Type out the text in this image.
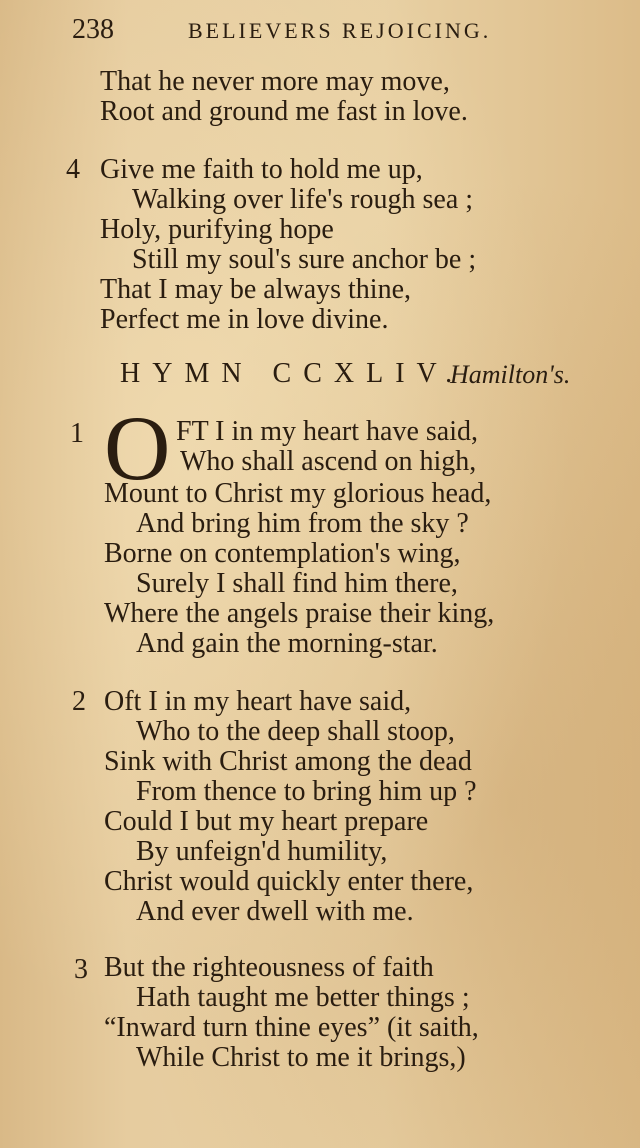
238	BELIEVERS REJOICING.
That he never more may move,
Root and ground me fast in love.
4 Give me faith to hold me up,
Walking over life's rough sea ;
Holy, purifying hope
Still my soul's sure anchor be ;
That I may be always thine,
Perfect me in love divine.
HYMN CCXLIV.
Hamilton's.
1 O FT I in my heart have said,
Who shall ascend on high,
Mount to Christ my glorious head,
And bring him from the sky ?
Borne on contemplation's wing,
Surely I shall find him there,
Where the angels praise their king,
And gain the morning-star.
2 Oft I in my heart have said,
Who to the deep shall stoop,
Sink with Christ among the dead
From thence to bring him up ?
Could I but my heart prepare
By unfeign'd humility,
Christ would quickly enter there,
And ever dwell with me.
3 But the righteousness of faith
Hath taught me better things ;
“Inward turn thine eyes” (it saith,
While Christ to me it brings,)
